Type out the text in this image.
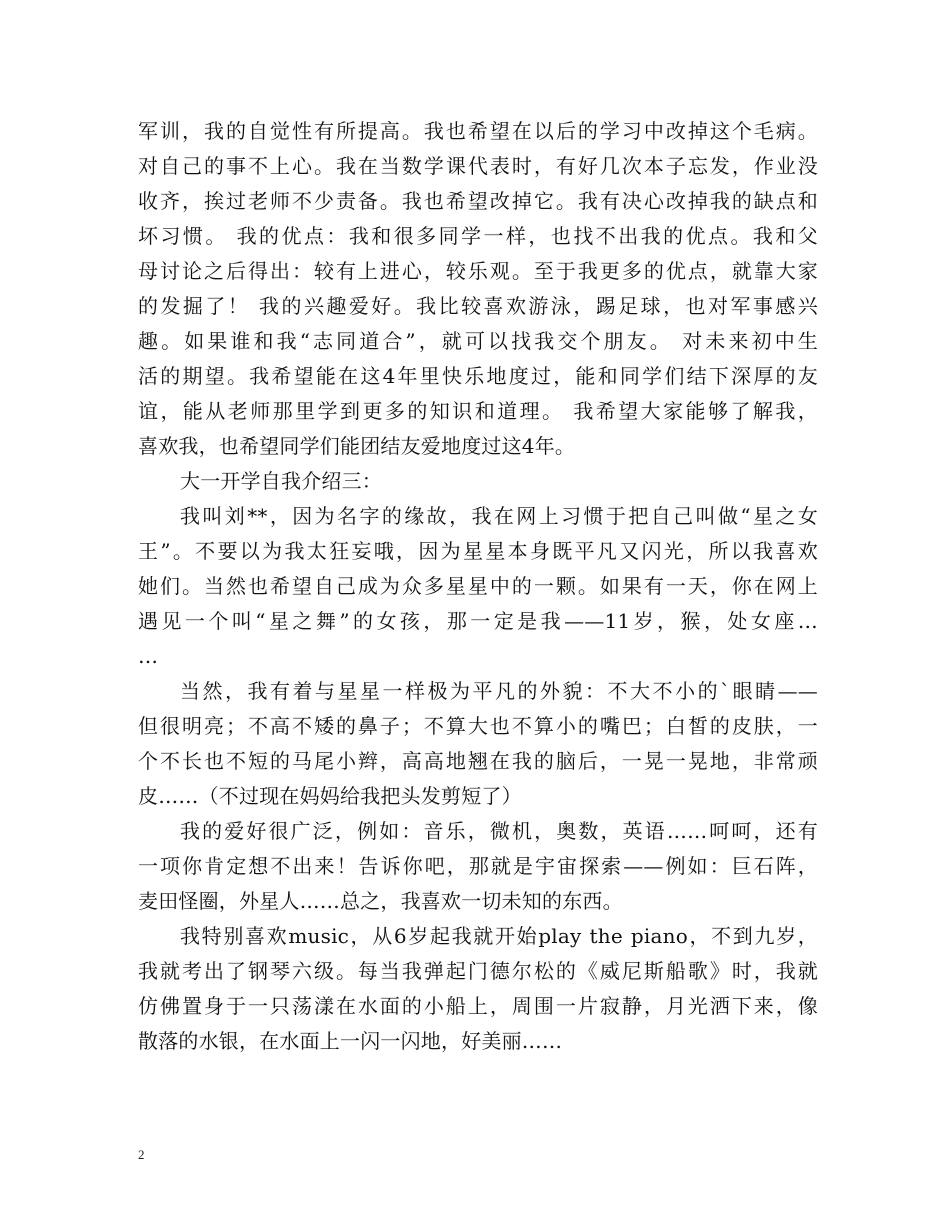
军训，我的自觉性有所提高。我也希望在以后的学习中改掉这个毛病。
对自己的事不上心。我在当数学课代表时，有好几次本子忘发，作业没
收齐，挨过老师不少责备。我也希望改掉它。我有决心改掉我的缺点和
坏习惯。 我的优点：我和很多同学一样，也找不出我的优点。我和父
母讨论之后得出：较有上进心，较乐观。至于我更多的优点，就靠大家
的发掘了！ 我的兴趣爱好。我比较喜欢游泳，踢足球，也对军事感兴
趣。如果谁和我“志同道合”，就可以找我交个朋友。 对未来初中生
活的期望。我希望能在这4年里快乐地度过，能和同学们结下深厚的友
谊，能从老师那里学到更多的知识和道理。 我希望大家能够了解我，
喜欢我，也希望同学们能团结友爱地度过这4年。
大一开学自我介绍三：
我叫刘**，因为名字的缘故，我在网上习惯于把自己叫做“星之女
王”。不要以为我太狂妄哦，因为星星本身既平凡又闪光，所以我喜欢
她们。当然也希望自己成为众多星星中的一颗。如果有一天，你在网上
遇见一个叫“星之舞”的女孩，那一定是我——11岁，猴，处女座…
…
当然，我有着与星星一样极为平凡的外貌：不大不小的`眼睛——
但很明亮；不高不矮的鼻子；不算大也不算小的嘴巴；白皙的皮肤，一
个不长也不短的马尾小辫，高高地翘在我的脑后，一晃一晃地，非常顽
皮……（不过现在妈妈给我把头发剪短了）
我的爱好很广泛，例如：音乐，微机，奥数，英语……呵呵，还有
一项你肯定想不出来！告诉你吧，那就是宇宙探索——例如：巨石阵，
麦田怪圈，外星人……总之，我喜欢一切未知的东西。
我特别喜欢music，从6岁起我就开始play the piano，不到九岁，
我就考出了钢琴六级。每当我弹起门德尔松的《威尼斯船歌》时，我就
仿佛置身于一只荡漾在水面的小船上，周围一片寂静，月光洒下来，像
散落的水银，在水面上一闪一闪地，好美丽……
2
